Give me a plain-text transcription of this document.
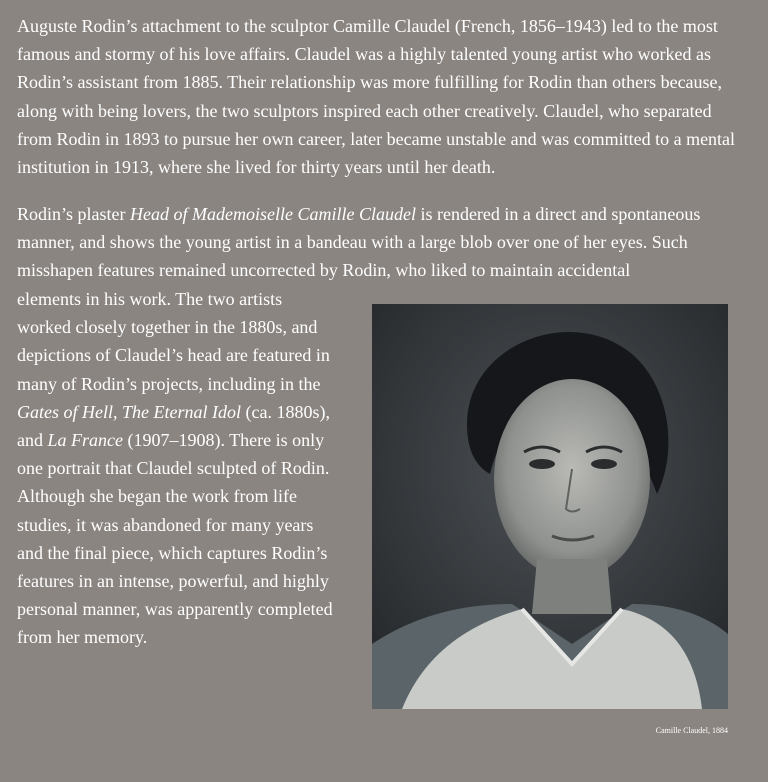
Auguste Rodin’s attachment to the sculptor Camille Claudel (French, 1856–1943) led to the most famous and stormy of his love affairs. Claudel was a highly talented young artist who worked as Rodin’s assistant from 1885. Their relationship was more fulfilling for Rodin than others because, along with being lovers, the two sculptors inspired each other creatively. Claudel, who separated from Rodin in 1893 to pursue her own career, later became unstable and was committed to a mental institution in 1913, where she lived for thirty years until her death.

Rodin’s plaster Head of Mademoiselle Camille Claudel is rendered in a direct and spontaneous manner, and shows the young artist in a bandeau with a large blob over one of her eyes. Such misshapen features remained uncorrected by Rodin, who liked to maintain accidental

elements in his work. The two artists worked closely together in the 1880s, and depictions of Claudel’s head are featured in many of Rodin’s projects, including in the Gates of Hell, The Eternal Idol (ca. 1880s), and La France (1907–1908). There is only one portrait that Claudel sculpted of Rodin. Although she began the work from life studies, it was abandoned for many years and the final piece, which captures Rodin’s features in an intense, powerful, and highly personal manner, was apparently completed from her memory.

Camille Claudel, 1884
